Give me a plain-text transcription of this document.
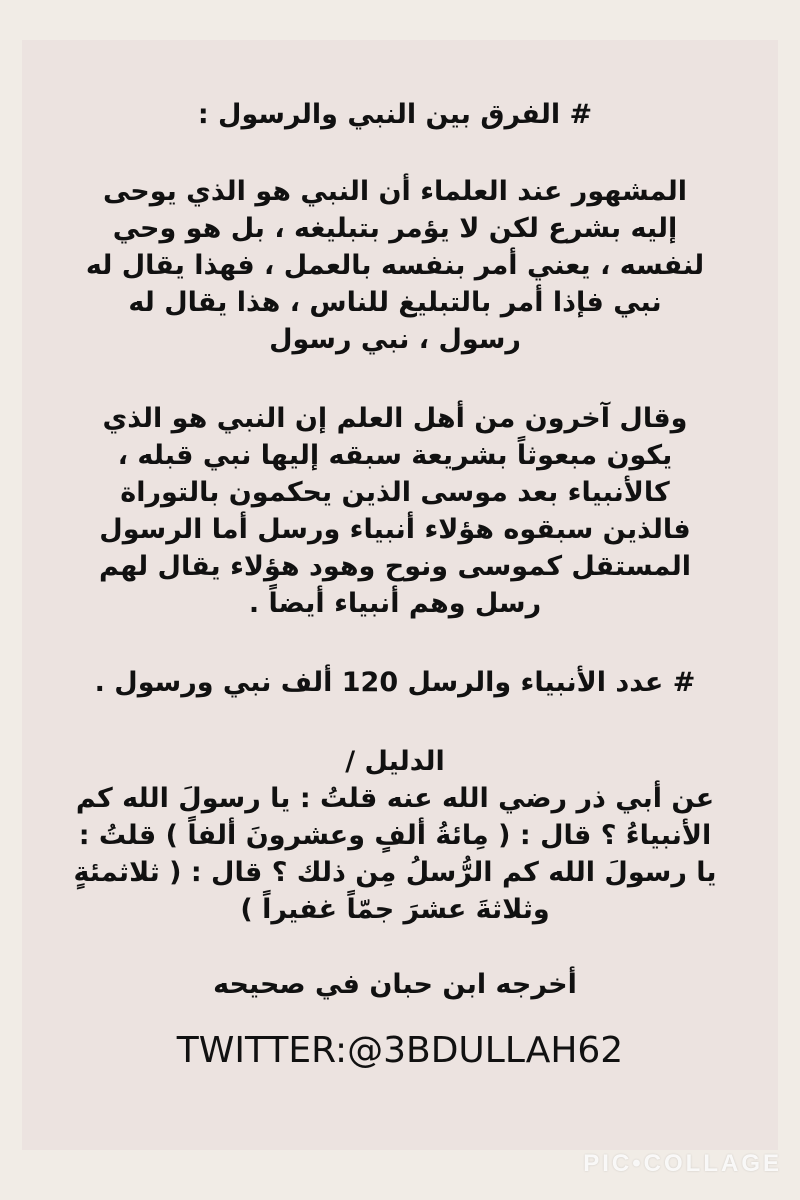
# الفرق بين النبي والرسول :

المشهور عند العلماء أن النبي هو الذي يوحى

إليه بشرع لكن لا يؤمر بتبليغه ، بل هو وحي

لنفسه ، يعني أمر بنفسه بالعمل ، فهذا يقال له

نبي فإذا أمر بالتبليغ للناس ، هذا يقال له

رسول ، نبي رسول

وقال آخرون من أهل العلم إن النبي هو الذي

يكون مبعوثاً بشريعة سبقه إليها نبي قبله ،

كالأنبياء بعد موسى الذين يحكمون بالتوراة

فالذين سبقوه هؤلاء أنبياء ورسل أما الرسول

المستقل كموسى ونوح وهود هؤلاء يقال لهم

رسل وهم أنبياء أيضاً .

# عدد الأنبياء والرسل 120 ألف نبي ورسول .

الدليل /

عن أبي ذر رضي الله عنه قلتُ : يا رسولَ الله كم

الأنبياءُ ؟ قال : ( مِائةُ ألفٍ وعشرونَ ألفاً ) قلتُ :

يا رسولَ الله كم الرُّسلُ مِن ذلك ؟ قال : ( ثلاثمئةٍ

وثلاثةَ عشرَ جمّاً غفيراً )

أخرجه ابن حبان في صحيحه

TWITTER:@3BDULLAH62
PIC•COLLAGE
